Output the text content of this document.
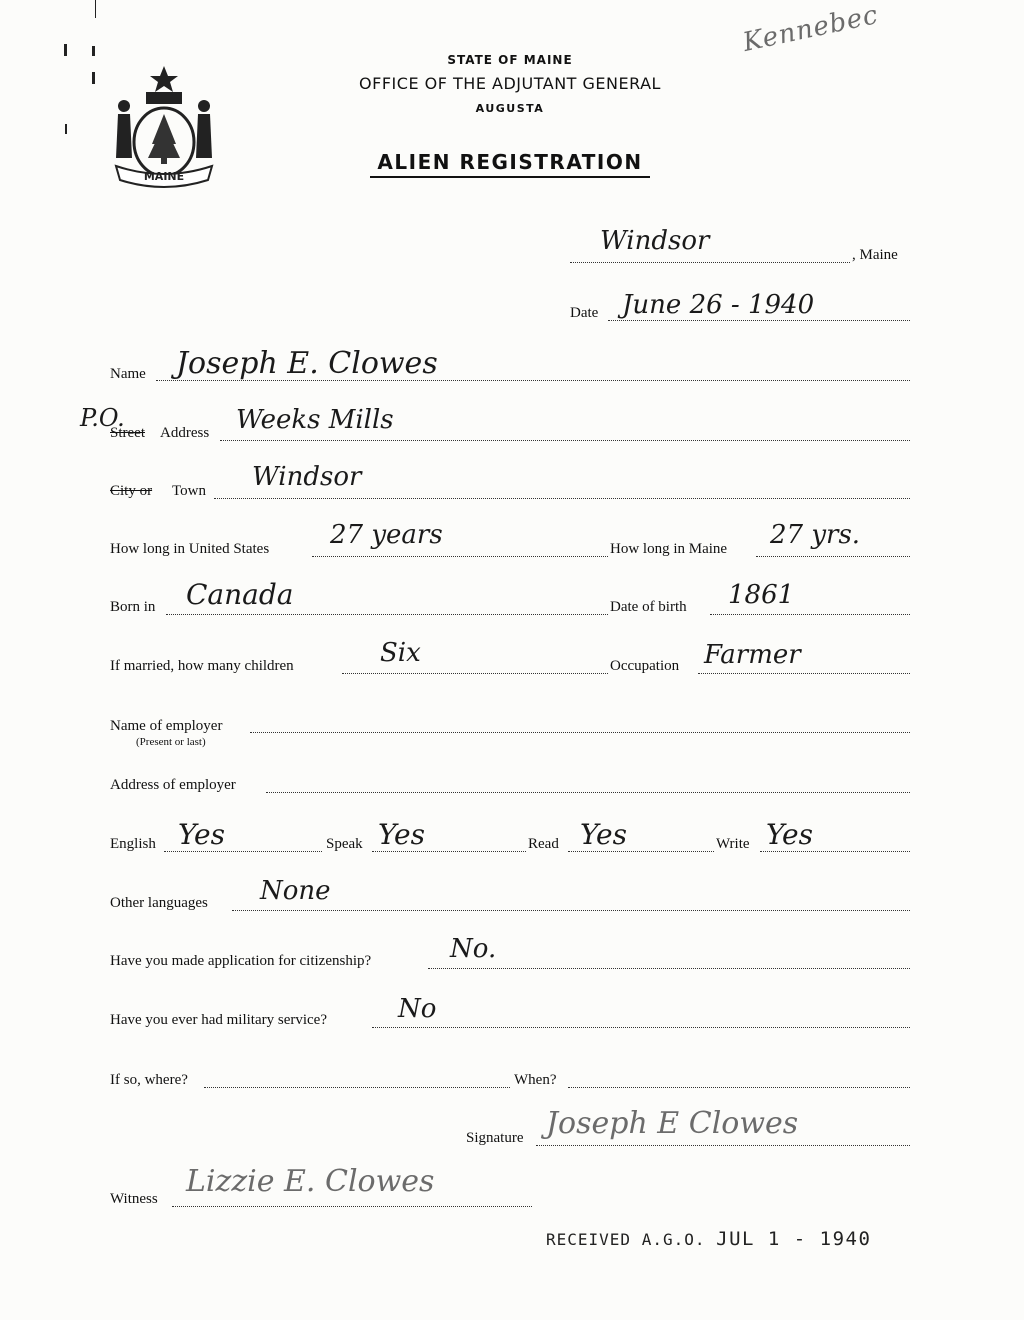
MAINE
STATE OF MAINE
OFFICE OF THE ADJUTANT GENERAL
AUGUSTA
ALIEN REGISTRATION
Kennebec
Windsor	, Maine
Date June 26 - 1940
Name Joseph E. Clowes
P.O.
Street Address Weeks Mills
City or Town Windsor
How long in United States 27 years	How long in Maine 27 yrs.
Born in Canada	Date of birth 1861
If married, how many children	Six	Occupation Farmer
Name of employer
(Present or last)
Address of employer
English Yes	Speak Yes	Read Yes	Write Yes
Other languages None
Have you made application for citizenship?	No.
Have you ever had military service?	No
If so, where?	When?
Signature Joseph E Clowes
Witness Lizzie E. Clowes
RECEIVED A.G.O. JUL 1 - 1940
